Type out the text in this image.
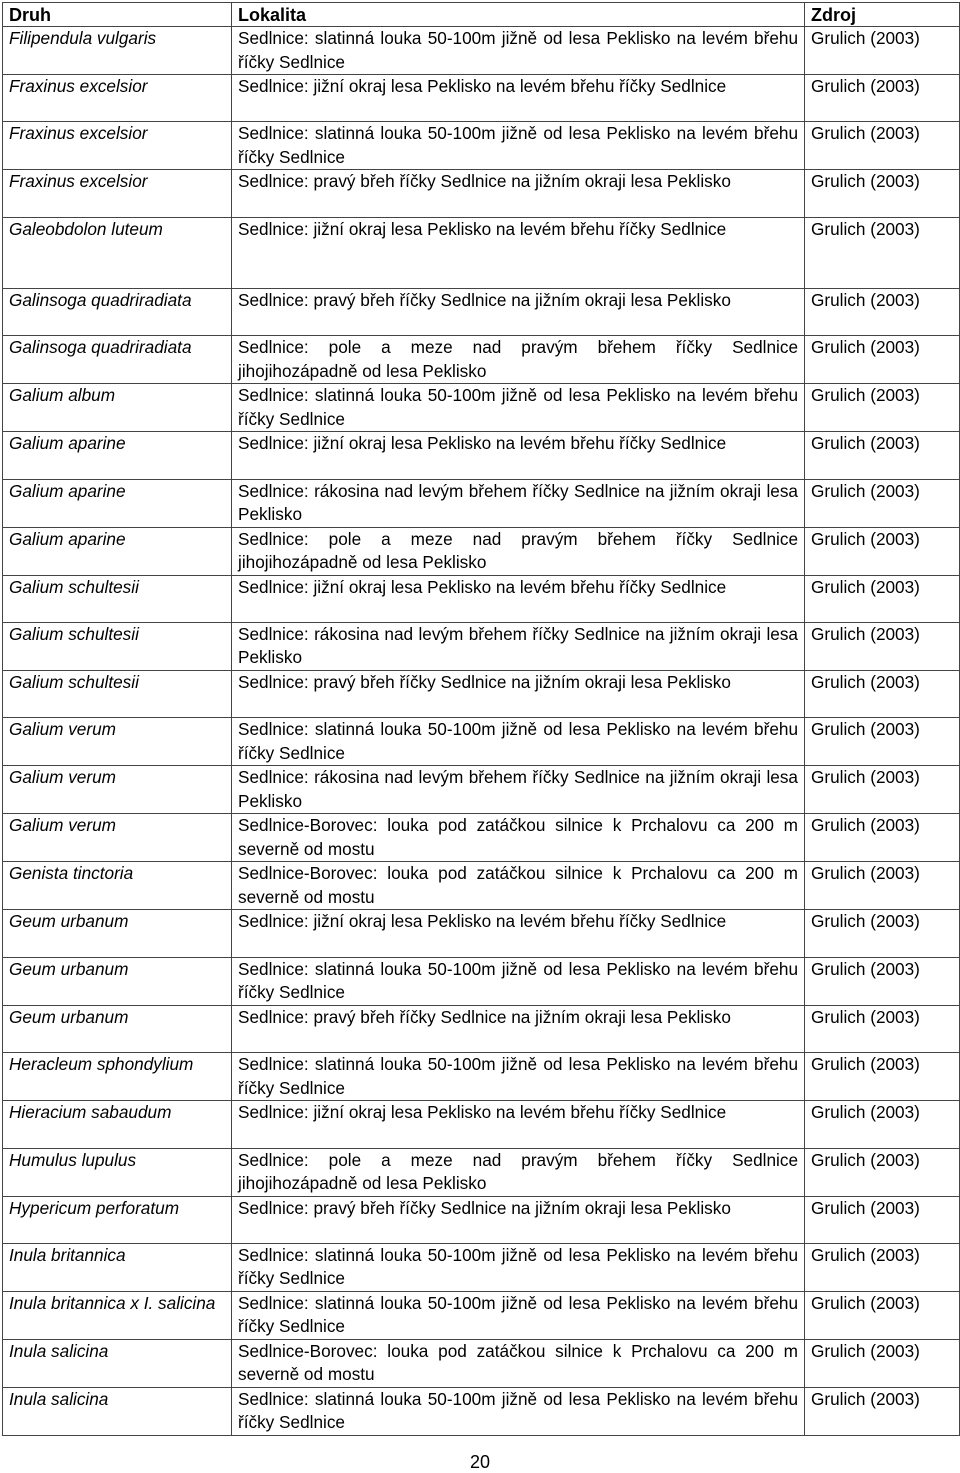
Druh	Lokalita	Zdroj
Filipendula vulgaris	Sedlnice: slatinná louka 50-100m jižně od lesa Peklisko na levém břehu říčky Sedlnice	Grulich (2003)
Fraxinus excelsior	Sedlnice: jižní okraj lesa Peklisko na levém břehu říčky Sedlnice	Grulich (2003)
Fraxinus excelsior	Sedlnice: slatinná louka 50-100m jižně od lesa Peklisko na levém břehu říčky Sedlnice	Grulich (2003)
Fraxinus excelsior	Sedlnice: pravý břeh říčky Sedlnice na jižním okraji lesa Peklisko	Grulich (2003)
Galeobdolon luteum	Sedlnice: jižní okraj lesa Peklisko na levém břehu říčky Sedlnice	Grulich (2003)
Galinsoga quadriradiata	Sedlnice: pravý břeh říčky Sedlnice na jižním okraji lesa Peklisko	Grulich (2003)
Galinsoga quadriradiata	Sedlnice: pole a meze nad pravým břehem říčky Sedlnice jihojihozápadně od lesa Peklisko	Grulich (2003)
Galium album	Sedlnice: slatinná louka 50-100m jižně od lesa Peklisko na levém břehu říčky Sedlnice	Grulich (2003)
Galium aparine	Sedlnice: jižní okraj lesa Peklisko na levém břehu říčky Sedlnice	Grulich (2003)
Galium aparine	Sedlnice: rákosina nad levým břehem říčky Sedlnice na jižním okraji lesa Peklisko	Grulich (2003)
Galium aparine	Sedlnice: pole a meze nad pravým břehem říčky Sedlnice jihojihozápadně od lesa Peklisko	Grulich (2003)
Galium schultesii	Sedlnice: jižní okraj lesa Peklisko na levém břehu říčky Sedlnice	Grulich (2003)
Galium schultesii	Sedlnice: rákosina nad levým břehem říčky Sedlnice na jižním okraji lesa Peklisko	Grulich (2003)
Galium schultesii	Sedlnice: pravý břeh říčky Sedlnice na jižním okraji lesa Peklisko	Grulich (2003)
Galium verum	Sedlnice: slatinná louka 50-100m jižně od lesa Peklisko na levém břehu říčky Sedlnice	Grulich (2003)
Galium verum	Sedlnice: rákosina nad levým břehem říčky Sedlnice na jižním okraji lesa Peklisko	Grulich (2003)
Galium verum	Sedlnice-Borovec: louka pod zatáčkou silnice k Prchalovu ca 200 m severně od mostu	Grulich (2003)
Genista tinctoria	Sedlnice-Borovec: louka pod zatáčkou silnice k Prchalovu ca 200 m severně od mostu	Grulich (2003)
Geum urbanum	Sedlnice: jižní okraj lesa Peklisko na levém břehu říčky Sedlnice	Grulich (2003)
Geum urbanum	Sedlnice: slatinná louka 50-100m jižně od lesa Peklisko na levém břehu říčky Sedlnice	Grulich (2003)
Geum urbanum	Sedlnice: pravý břeh říčky Sedlnice na jižním okraji lesa Peklisko	Grulich (2003)
Heracleum sphondylium	Sedlnice: slatinná louka 50-100m jižně od lesa Peklisko na levém břehu říčky Sedlnice	Grulich (2003)
Hieracium sabaudum	Sedlnice: jižní okraj lesa Peklisko na levém břehu říčky Sedlnice	Grulich (2003)
Humulus lupulus	Sedlnice: pole a meze nad pravým břehem říčky Sedlnice jihojihozápadně od lesa Peklisko	Grulich (2003)
Hypericum perforatum	Sedlnice: pravý břeh říčky Sedlnice na jižním okraji lesa Peklisko	Grulich (2003)
Inula britannica	Sedlnice: slatinná louka 50-100m jižně od lesa Peklisko na levém břehu říčky Sedlnice	Grulich (2003)
Inula britannica x I. salicina	Sedlnice: slatinná louka 50-100m jižně od lesa Peklisko na levém břehu říčky Sedlnice	Grulich (2003)
Inula salicina	Sedlnice-Borovec: louka pod zatáčkou silnice k Prchalovu ca 200 m severně od mostu	Grulich (2003)
Inula salicina	Sedlnice: slatinná louka 50-100m jižně od lesa Peklisko na levém břehu říčky Sedlnice	Grulich (2003)
20
